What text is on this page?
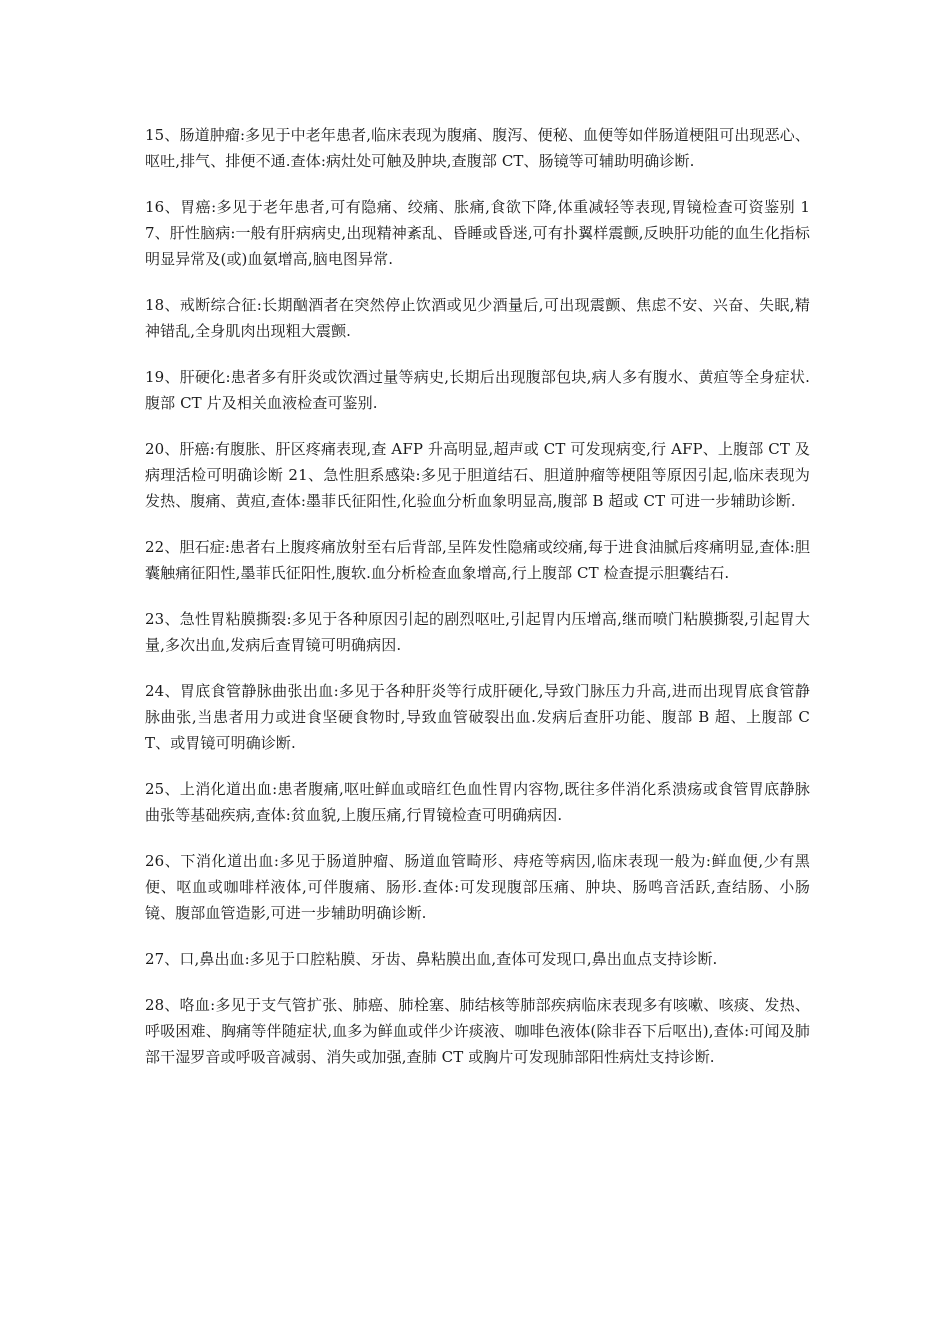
15、肠道肿瘤:多见于中老年患者,临床表现为腹痛、腹泻、便秘、血便等如伴肠道梗阻可出现恶心、呕吐,排气、排便不通.查体:病灶处可触及肿块,查腹部 CT、肠镜等可辅助明确诊断.

16、胃癌:多见于老年患者,可有隐痛、绞痛、胀痛,食欲下降,体重减轻等表现,胃镜检查可资鉴别 17、肝性脑病:一般有肝病病史,出现精神紊乱、昏睡或昏迷,可有扑翼样震颤,反映肝功能的血生化指标明显异常及(或)血氨增高,脑电图异常.

18、戒断综合征:长期酗酒者在突然停止饮酒或见少酒量后,可出现震颤、焦虑不安、兴奋、失眠,精神错乱,全身肌肉出现粗大震颤.

19、肝硬化:患者多有肝炎或饮酒过量等病史,长期后出现腹部包块,病人多有腹水、黄疸等全身症状.腹部 CT 片及相关血液检查可鉴别.

20、肝癌:有腹胀、肝区疼痛表现,查 AFP 升高明显,超声或 CT 可发现病变,行 AFP、上腹部 CT 及病理活检可明确诊断 21、急性胆系感染:多见于胆道结石、胆道肿瘤等梗阻等原因引起,临床表现为发热、腹痛、黄疸,查体:墨菲氏征阳性,化验血分析血象明显高,腹部 B 超或 CT 可进一步辅助诊断.

22、胆石症:患者右上腹疼痛放射至右后背部,呈阵发性隐痛或绞痛,每于进食油腻后疼痛明显,查体:胆囊触痛征阳性,墨菲氏征阳性,腹软.血分析检查血象增高,行上腹部 CT 检查提示胆囊结石.

23、急性胃粘膜撕裂:多见于各种原因引起的剧烈呕吐,引起胃内压增高,继而喷门粘膜撕裂,引起胃大量,多次出血,发病后查胃镜可明确病因.

24、胃底食管静脉曲张出血:多见于各种肝炎等行成肝硬化,导致门脉压力升高,进而出现胃底食管静脉曲张,当患者用力或进食坚硬食物时,导致血管破裂出血.发病后查肝功能、腹部 B 超、上腹部 CT、或胃镜可明确诊断.

25、上消化道出血:患者腹痛,呕吐鲜血或暗红色血性胃内容物,既往多伴消化系溃疡或食管胃底静脉曲张等基础疾病,查体:贫血貌,上腹压痛,行胃镜检查可明确病因.

26、下消化道出血:多见于肠道肿瘤、肠道血管畸形、痔疮等病因,临床表现一般为:鲜血便,少有黑便、呕血或咖啡样液体,可伴腹痛、肠形.查体:可发现腹部压痛、肿块、肠鸣音活跃,查结肠、小肠镜、腹部血管造影,可进一步辅助明确诊断.

27、口,鼻出血:多见于口腔粘膜、牙齿、鼻粘膜出血,查体可发现口,鼻出血点支持诊断.

28、咯血:多见于支气管扩张、肺癌、肺栓塞、肺结核等肺部疾病临床表现多有咳嗽、咳痰、发热、呼吸困难、胸痛等伴随症状,血多为鲜血或伴少许痰液、咖啡色液体(除非吞下后呕出),查体:可闻及肺部干湿罗音或呼吸音减弱、消失或加强,查肺 CT 或胸片可发现肺部阳性病灶支持诊断.
